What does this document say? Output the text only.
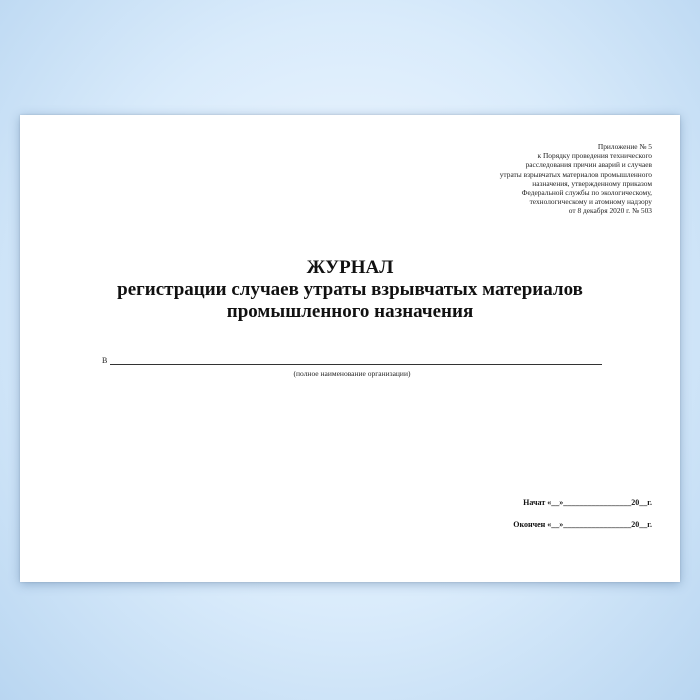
Приложение № 5
к Порядку проведения технического
расследования причин аварий и случаев
утраты взрывчатых материалов промышленного
назначения, утвержденному приказом
Федеральной службы по экологическому,
технологическому и атомному надзору
от 8 декабря 2020 г. № 503
ЖУРНАЛ
регистрации случаев утраты взрывчатых материалов
промышленного назначения
В
(полное наименование организации)
Начат «__»_________________20__г.
Окончен «__»_________________20__г.
